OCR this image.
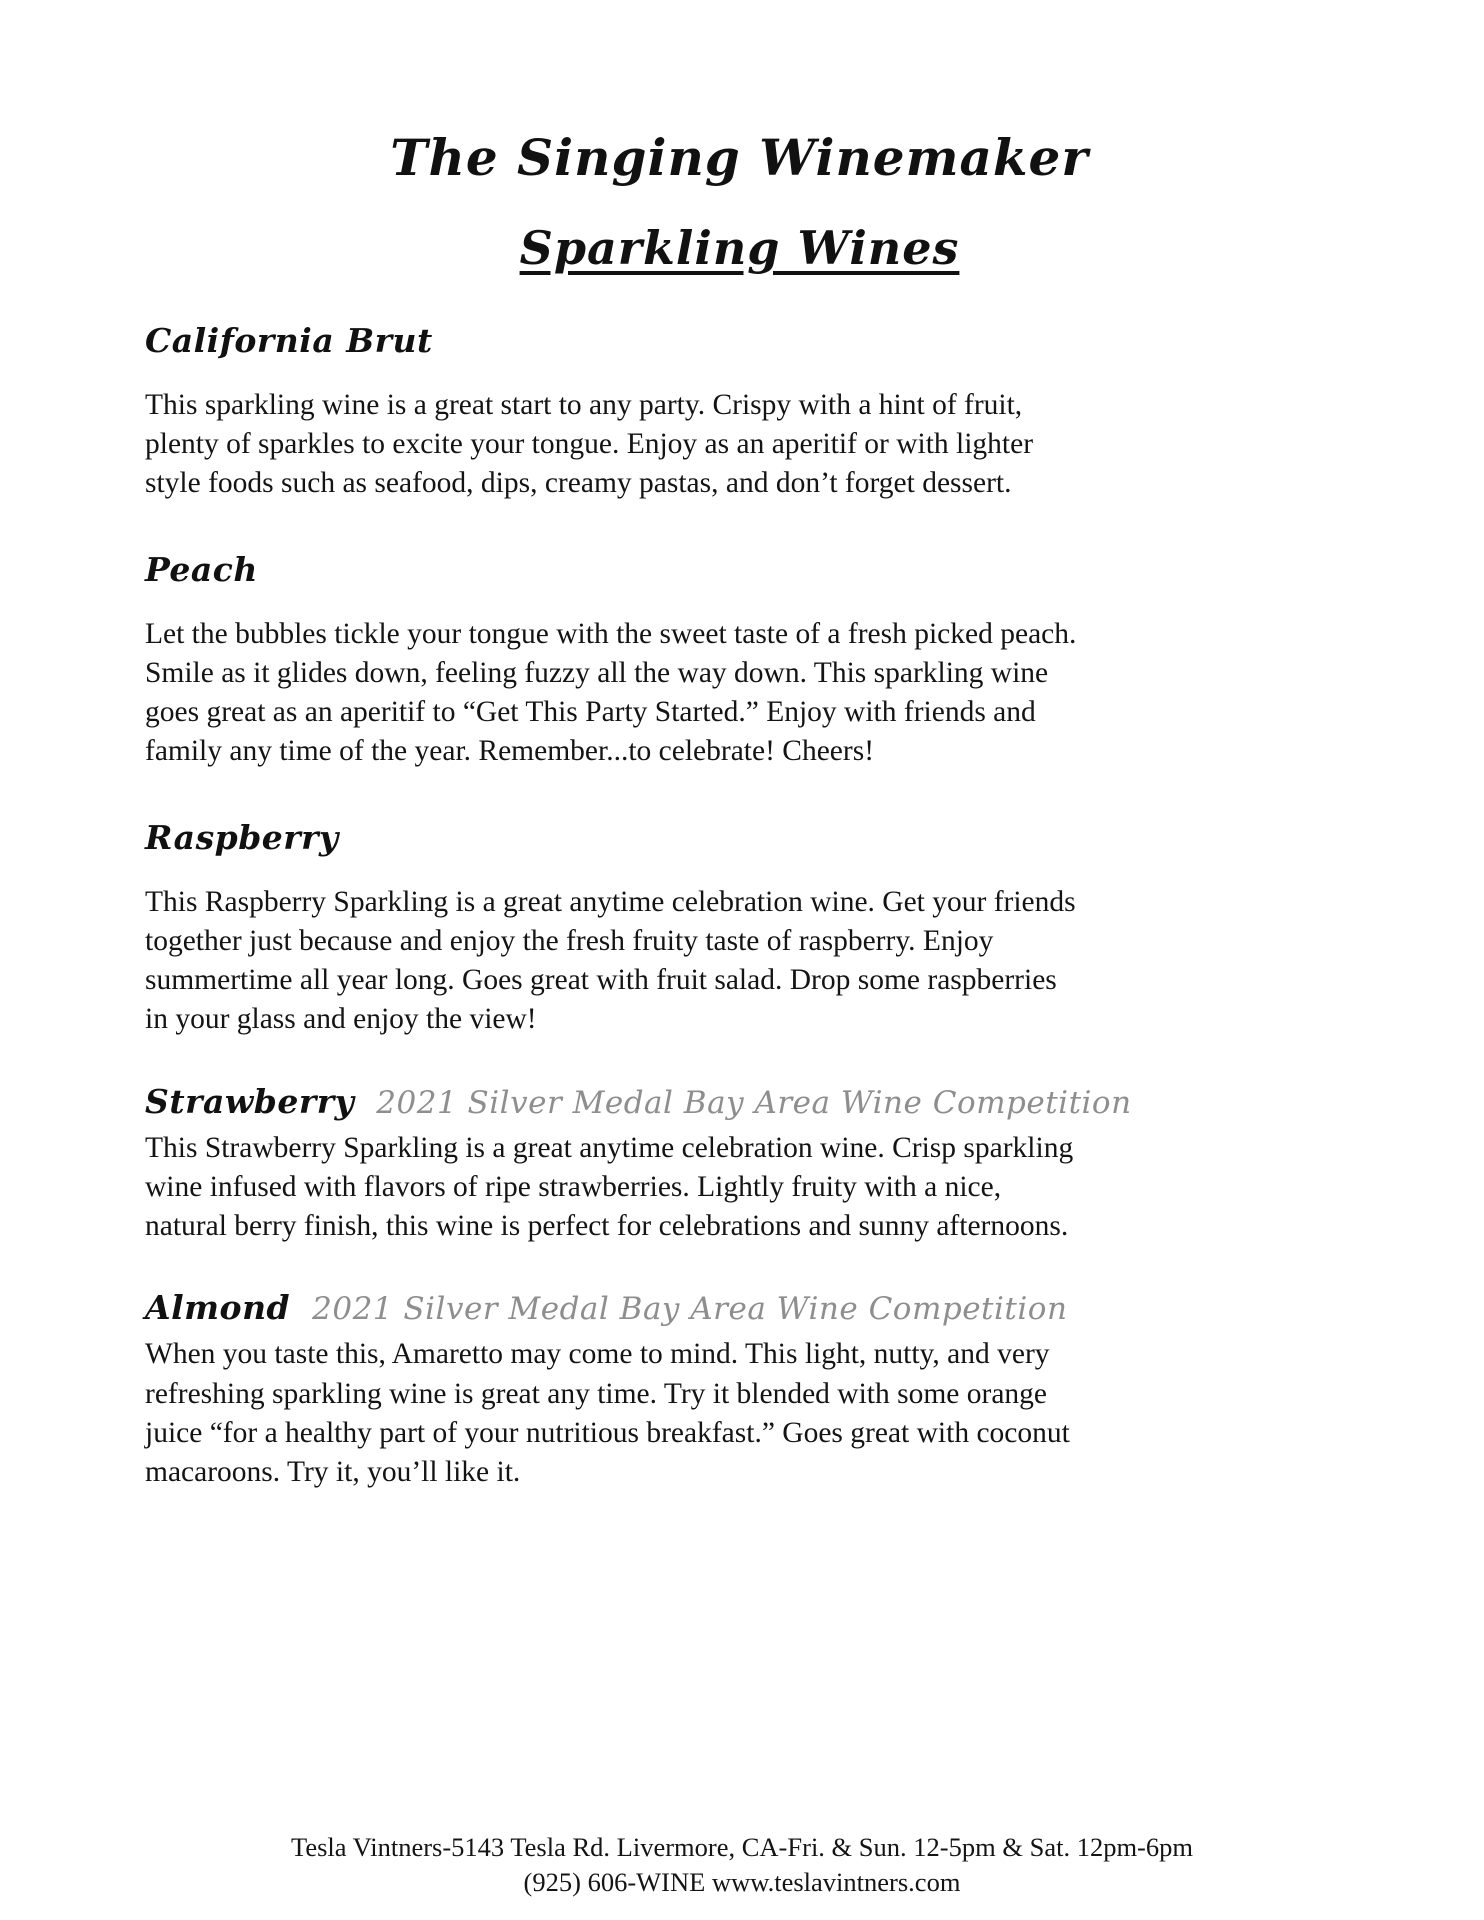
The Singing Winemaker
Sparkling Wines
California Brut

This sparkling wine is a great start to any party. Crispy with a hint of fruit, plenty of sparkles to excite your tongue. Enjoy as an aperitif or with lighter style foods such as seafood, dips, creamy pastas, and don’t forget dessert.

Peach

Let the bubbles tickle your tongue with the sweet taste of a fresh picked peach. Smile as it glides down, feeling fuzzy all the way down. This sparkling wine goes great as an aperitif to “Get This Party Started.” Enjoy with friends and family any time of the year. Remember...to celebrate! Cheers!

Raspberry

This Raspberry Sparkling is a great anytime celebration wine. Get your friends together just because and enjoy the fresh fruity taste of raspberry. Enjoy summertime all year long. Goes great with fruit salad. Drop some raspberries in your glass and enjoy the view!

Strawberry 2021 Silver Medal Bay Area Wine Competition

This Strawberry Sparkling is a great anytime celebration wine. Crisp sparkling wine infused with flavors of ripe strawberries. Lightly fruity with a nice, natural berry finish, this wine is perfect for celebrations and sunny afternoons.

Almond 2021 Silver Medal Bay Area Wine Competition

When you taste this, Amaretto may come to mind. This light, nutty, and very refreshing sparkling wine is great any time. Try it blended with some orange juice “for a healthy part of your nutritious breakfast.” Goes great with coconut macaroons. Try it, you’ll like it.

Tesla Vintners-5143 Tesla Rd. Livermore, CA-Fri. & Sun. 12-5pm & Sat. 12pm-6pm
(925) 606-WINE www.teslavintners.com
